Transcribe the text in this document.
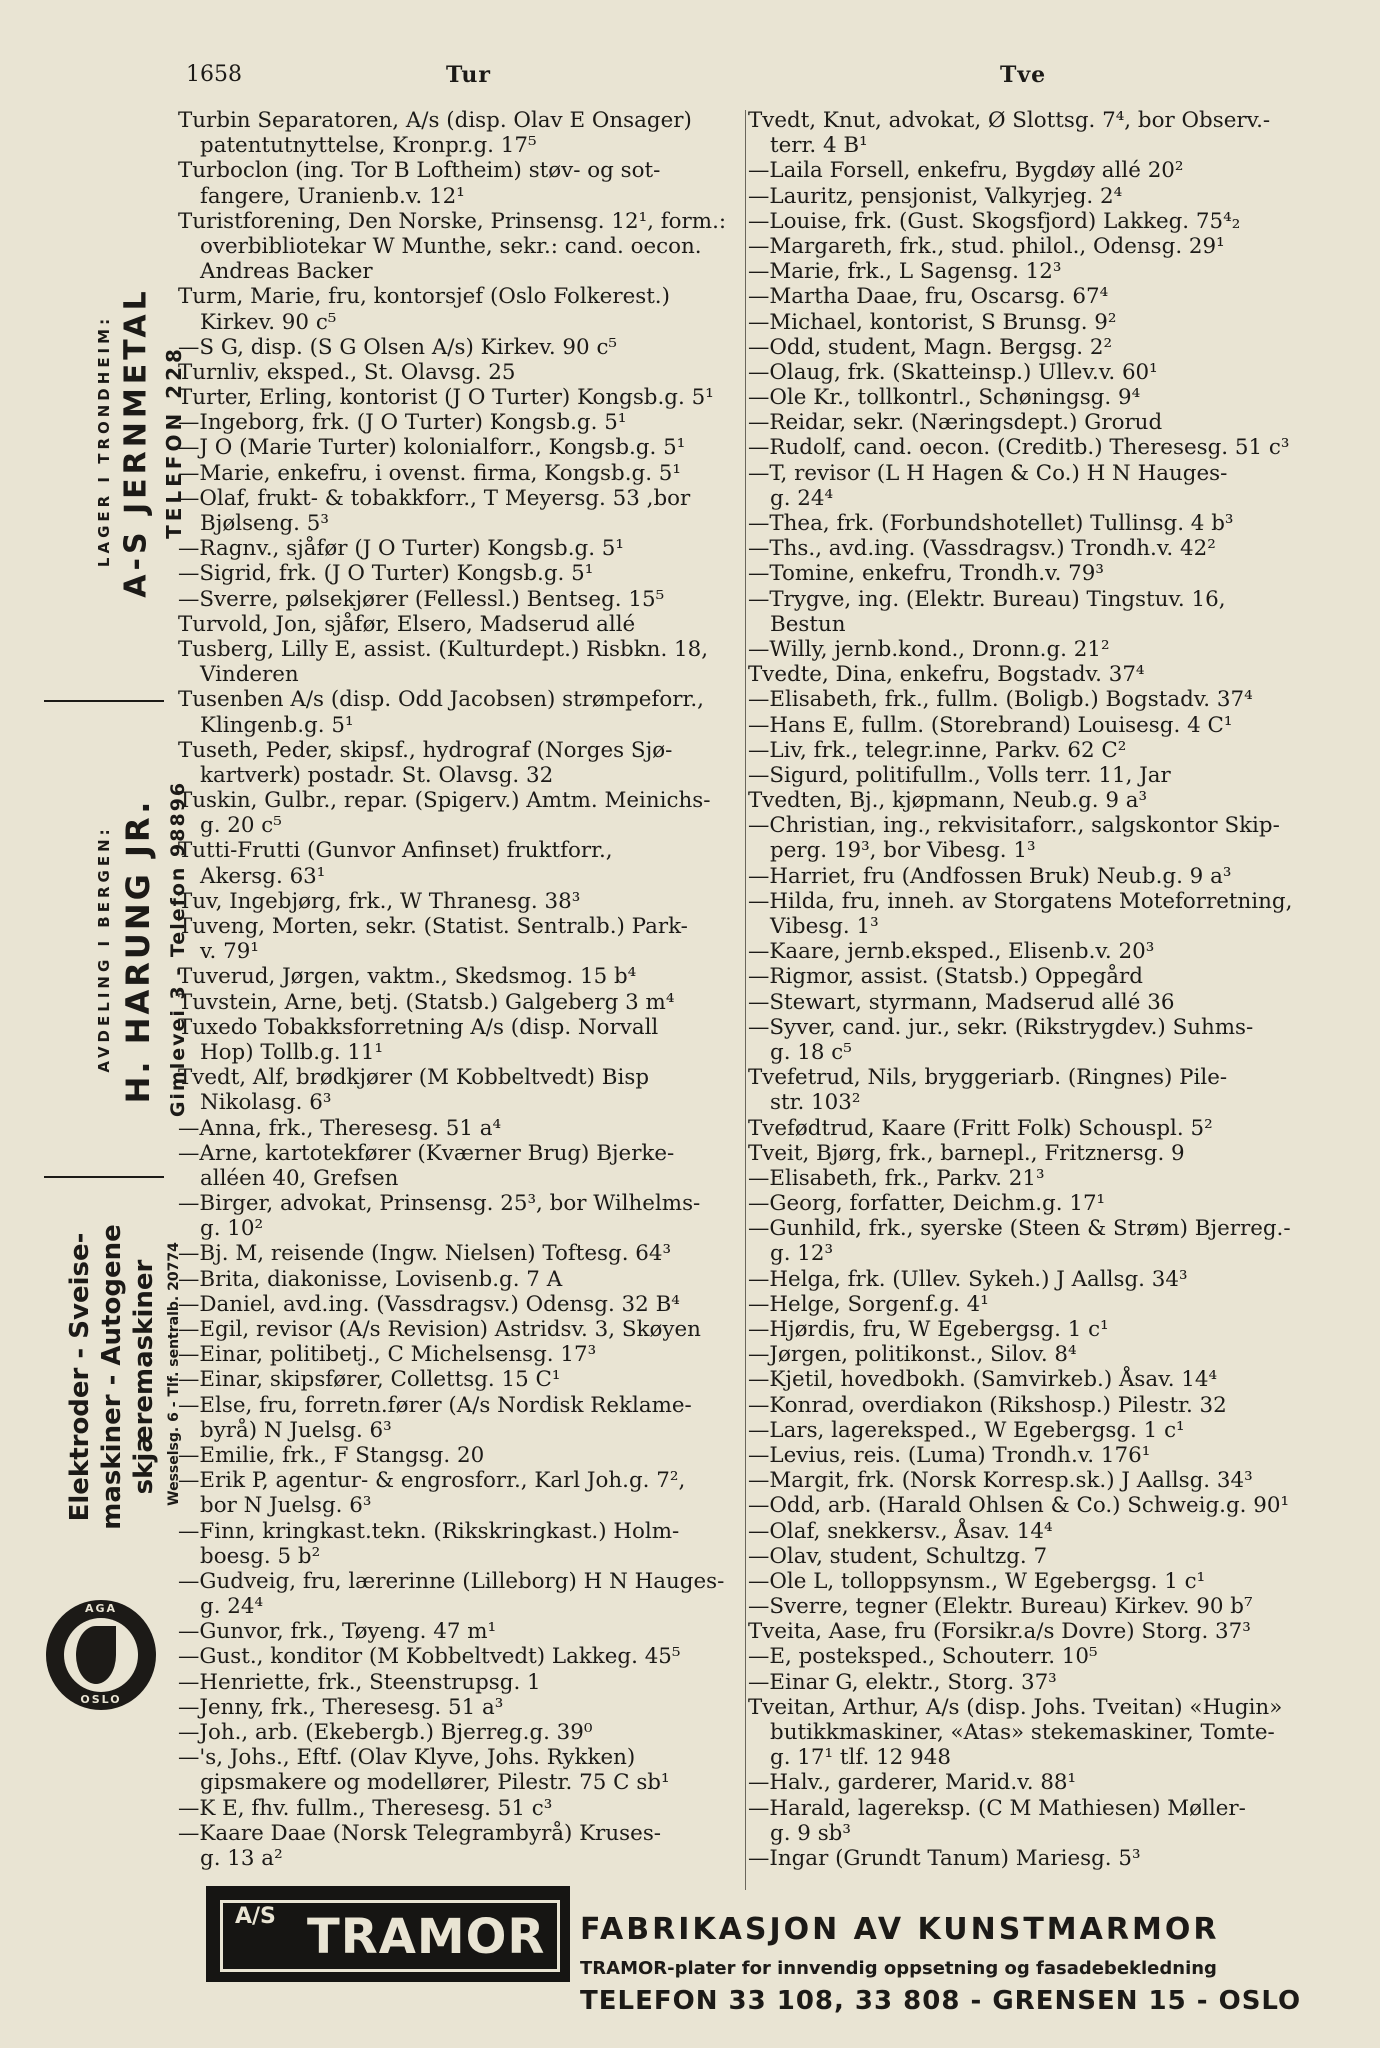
1658	Tur	Tve
Turbin Separatoren, A/s (disp. Olav E Onsager)
patentutnyttelse, Kronpr.g. 17⁵
Turboclon (ing. Tor B Loftheim) støv- og sot-
fangere, Uranienb.v. 12¹
Turistforening, Den Norske, Prinsensg. 12¹, form.:
overbibliotekar W Munthe, sekr.: cand. oecon.
Andreas Backer
Turm, Marie, fru, kontorsjef (Oslo Folkerest.)
Kirkev. 90 c⁵
—S G, disp. (S G Olsen A/s) Kirkev. 90 c⁵
Turnliv, eksped., St. Olavsg. 25
Turter, Erling, kontorist (J O Turter) Kongsb.g. 5¹
—Ingeborg, frk. (J O Turter) Kongsb.g. 5¹
—J O (Marie Turter) kolonialforr., Kongsb.g. 5¹
—Marie, enkefru, i ovenst. firma, Kongsb.g. 5¹
—Olaf, frukt- & tobakkforr., T Meyersg. 53 ,bor
Bjølseng. 5³
—Ragnv., sjåfør (J O Turter) Kongsb.g. 5¹
—Sigrid, frk. (J O Turter) Kongsb.g. 5¹
—Sverre, pølsekjører (Fellessl.) Bentseg. 15⁵
Turvold, Jon, sjåfør, Elsero, Madserud allé
Tusberg, Lilly E, assist. (Kulturdept.) Risbkn. 18,
Vinderen
Tusenben A/s (disp. Odd Jacobsen) strømpeforr.,
Klingenb.g. 5¹
Tuseth, Peder, skipsf., hydrograf (Norges Sjø-
kartverk) postadr. St. Olavsg. 32
Tuskin, Gulbr., repar. (Spigerv.) Amtm. Meinichs-
g. 20 c⁵
Tutti-Frutti (Gunvor Anfinset) fruktforr.,
Akersg. 63¹
Tuv, Ingebjørg, frk., W Thranesg. 38³
Tuveng, Morten, sekr. (Statist. Sentralb.) Park-
v. 79¹
Tuverud, Jørgen, vaktm., Skedsmog. 15 b⁴
Tuvstein, Arne, betj. (Statsb.) Galgeberg 3 m⁴
Tuxedo Tobakksforretning A/s (disp. Norvall
Hop) Tollb.g. 11¹
Tvedt, Alf, brødkjører (M Kobbeltvedt) Bisp
Nikolasg. 6³
—Anna, frk., Theresesg. 51 a⁴
—Arne, kartotekfører (Kværner Brug) Bjerke-
alléen 40, Grefsen
—Birger, advokat, Prinsensg. 25³, bor Wilhelms-
g. 10²
—Bj. M, reisende (Ingw. Nielsen) Toftesg. 64³
—Brita, diakonisse, Lovisenb.g. 7 A
—Daniel, avd.ing. (Vassdragsv.) Odensg. 32 B⁴
—Egil, revisor (A/s Revision) Astridsv. 3, Skøyen
—Einar, politibetj., C Michelsensg. 17³
—Einar, skipsfører, Collettsg. 15 C¹
—Else, fru, forretn.fører (A/s Nordisk Reklame-
byrå) N Juelsg. 6³
—Emilie, frk., F Stangsg. 20
—Erik P, agentur- & engrosforr., Karl Joh.g. 7²,
bor N Juelsg. 6³
—Finn, kringkast.tekn. (Rikskringkast.) Holm-
boesg. 5 b²
—Gudveig, fru, lærerinne (Lilleborg) H N Hauges-
g. 24⁴
—Gunvor, frk., Tøyeng. 47 m¹
—Gust., konditor (M Kobbeltvedt) Lakkeg. 45⁵
—Henriette, frk., Steenstrupsg. 1
—Jenny, frk., Theresesg. 51 a³
—Joh., arb. (Ekebergb.) Bjerreg.g. 39⁰
—'s, Johs., Eftf. (Olav Klyve, Johs. Rykken)
gipsmakere og modellører, Pilestr. 75 C sb¹
—K E, fhv. fullm., Theresesg. 51 c³
—Kaare Daae (Norsk Telegrambyrå) Kruses-
g. 13 a²
Tvedt, Knut, advokat, Ø Slottsg. 7⁴, bor Observ.-
terr. 4 B¹
—Laila Forsell, enkefru, Bygdøy allé 20²
—Lauritz, pensjonist, Valkyrjeg. 2⁴
—Louise, frk. (Gust. Skogsfjord) Lakkeg. 75⁴₂
—Margareth, frk., stud. philol., Odensg. 29¹
—Marie, frk., L Sagensg. 12³
—Martha Daae, fru, Oscarsg. 67⁴
—Michael, kontorist, S Brunsg. 9²
—Odd, student, Magn. Bergsg. 2²
—Olaug, frk. (Skatteinsp.) Ullev.v. 60¹
—Ole Kr., tollkontrl., Schøningsg. 9⁴
—Reidar, sekr. (Næringsdept.) Grorud
—Rudolf, cand. oecon. (Creditb.) Theresesg. 51 c³
—T, revisor (L H Hagen & Co.) H N Hauges-
g. 24⁴
—Thea, frk. (Forbundshotellet) Tullinsg. 4 b³
—Ths., avd.ing. (Vassdragsv.) Trondh.v. 42²
—Tomine, enkefru, Trondh.v. 79³
—Trygve, ing. (Elektr. Bureau) Tingstuv. 16,
Bestun
—Willy, jernb.kond., Dronn.g. 21²
Tvedte, Dina, enkefru, Bogstadv. 37⁴
—Elisabeth, frk., fullm. (Boligb.) Bogstadv. 37⁴
—Hans E, fullm. (Storebrand) Louisesg. 4 C¹
—Liv, frk., telegr.inne, Parkv. 62 C²
—Sigurd, politifullm., Volls terr. 11, Jar
Tvedten, Bj., kjøpmann, Neub.g. 9 a³
—Christian, ing., rekvisitaforr., salgskontor Skip-
perg. 19³, bor Vibesg. 1³
—Harriet, fru (Andfossen Bruk) Neub.g. 9 a³
—Hilda, fru, inneh. av Storgatens Moteforretning,
Vibesg. 1³
—Kaare, jernb.eksped., Elisenb.v. 20³
—Rigmor, assist. (Statsb.) Oppegård
—Stewart, styrmann, Madserud allé 36
—Syver, cand. jur., sekr. (Rikstrygdev.) Suhms-
g. 18 c⁵
Tvefetrud, Nils, bryggeriarb. (Ringnes) Pile-
str. 103²
Tvefødtrud, Kaare (Fritt Folk) Schouspl. 5²
Tveit, Bjørg, frk., barnepl., Fritznersg. 9
—Elisabeth, frk., Parkv. 21³
—Georg, forfatter, Deichm.g. 17¹
—Gunhild, frk., syerske (Steen & Strøm) Bjerreg.-
g. 12³
—Helga, frk. (Ullev. Sykeh.) J Aallsg. 34³
—Helge, Sorgenf.g. 4¹
—Hjørdis, fru, W Egebergsg. 1 c¹
—Jørgen, politikonst., Silov. 8⁴
—Kjetil, hovedbokh. (Samvirkeb.) Åsav. 14⁴
—Konrad, overdiakon (Rikshosp.) Pilestr. 32
—Lars, lagereksped., W Egebergsg. 1 c¹
—Levius, reis. (Luma) Trondh.v. 176¹
—Margit, frk. (Norsk Korresp.sk.) J Aallsg. 34³
—Odd, arb. (Harald Ohlsen & Co.) Schweig.g. 90¹
—Olaf, snekkersv., Åsav. 14⁴
—Olav, student, Schultzg. 7
—Ole L, tolloppsynsm., W Egebergsg. 1 c¹
—Sverre, tegner (Elektr. Bureau) Kirkev. 90 b⁷
Tveita, Aase, fru (Forsikr.a/s Dovre) Storg. 37³
—E, posteksped., Schouterr. 10⁵
—Einar G, elektr., Storg. 37³
Tveitan, Arthur, A/s (disp. Johs. Tveitan) «Hugin»
butikkmaskiner, «Atas» stekemaskiner, Tomte-
g. 17¹ tlf. 12 948
—Halv., garderer, Marid.v. 88¹
—Harald, lagereksp. (C M Mathiesen) Møller-
g. 9 sb³
—Ingar (Grundt Tanum) Mariesg. 5³
LAGER I TRONDHEIM: A-S JERNMETAL TELEFON 228
AVDELING I BERGEN: H. HARUNG JR. Gimlevei 3 - Telefon 98896
Elektroder - Sveise- maskiner - Autogene skjæremaskiner Wesselsg. 6 - Tlf. sentralb. 20774
AGA
OSLO
A/S TRAMOR FABRIKASJON AV KUNSTMARMOR
TRAMOR-plater for innvendig oppsetning og fasadebekledning
TELEFON 33 108, 33 808 - GRENSEN 15 - OSLO
